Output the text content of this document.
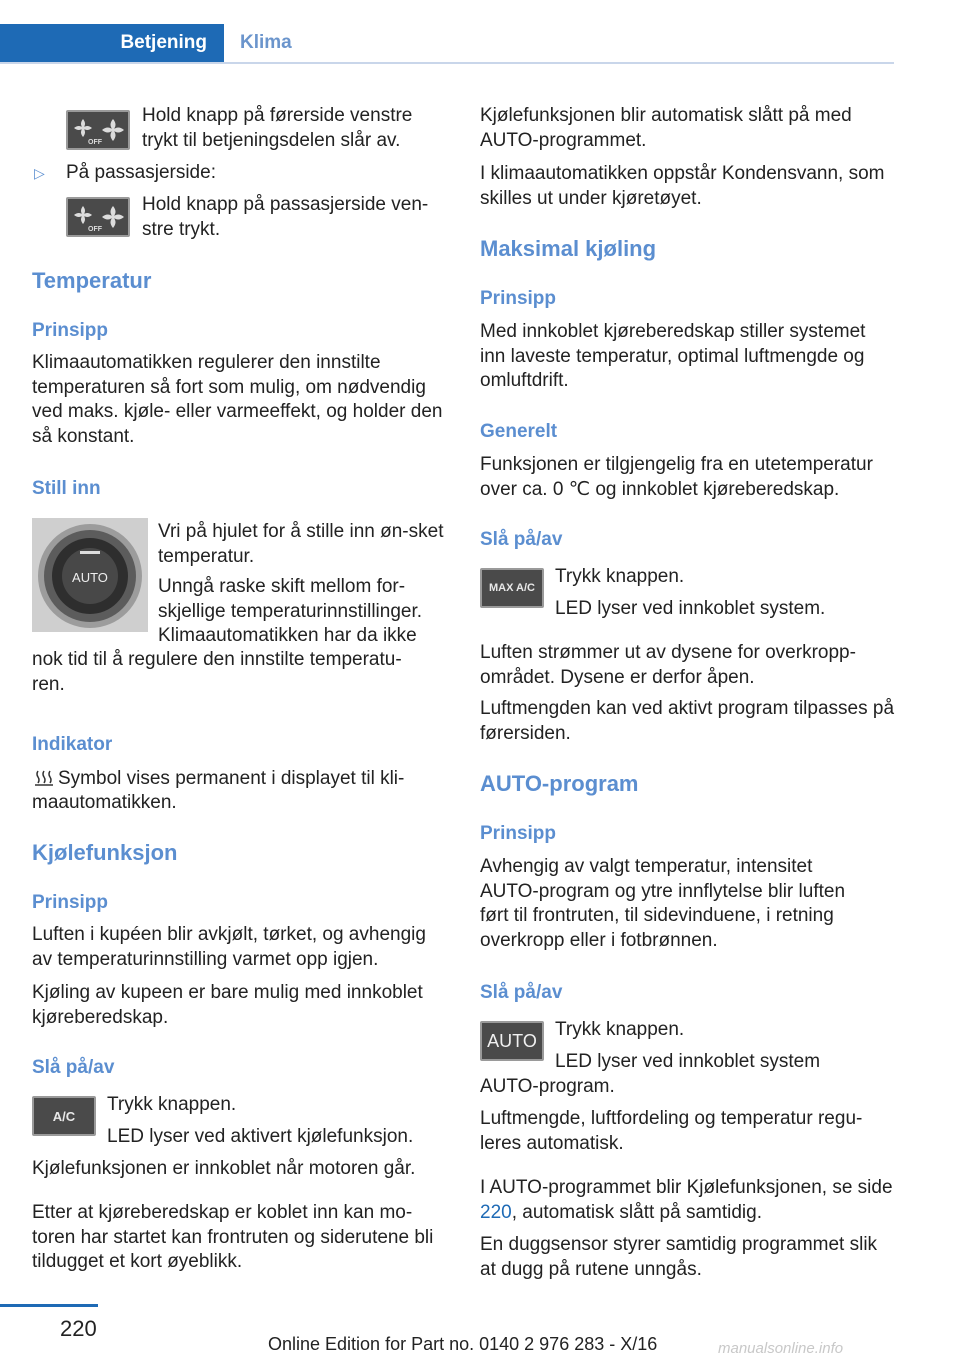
Betjening	Klima
OFF

Hold knapp på førerside venstre trykt til betjeningsdelen slår av.

▷ På passasjerside:

OFF

Hold knapp på passasjerside ven-stre trykt.

Temperatur
Prinsipp

Klimaautomatikken regulerer den innstilte temperaturen så fort som mulig, om nødvendig ved maks. kjøle- eller varmeeffekt, og holder den så konstant.

Still inn
AUTO

Vri på hjulet for å stille inn øn-sket temperatur.

Unngå raske skift mellom for-
skjellige temperaturinnstillinger.
Klimaautomatikken har da ikke

nok tid til å regulere den innstilte temperatu-
ren.

Indikator

Symbol vises permanent i displayet til kli-

maautomatikken.

Kjølefunksjon
Prinsipp

Luften i kupéen blir avkjølt, tørket, og avhengig av temperaturinnstilling varmet opp igjen.

Kjøling av kupeen er bare mulig med innkoblet kjøreberedskap.

Slå på/av
A/C

Trykk knappen.

LED lyser ved aktivert kjølefunksjon.

Kjølefunksjonen er innkoblet når motoren går.

Etter at kjøreberedskap er koblet inn kan mo-toren har startet kan frontruten og siderutene bli tildugget et kort øyeblikk.

Kjølefunksjonen blir automatisk slått på med AUTO-programmet.

I klimaautomatikken oppstår Kondensvann, som skilles ut under kjøretøyet.

Maksimal kjøling
Prinsipp

Med innkoblet kjøreberedskap stiller systemet inn laveste temperatur, optimal luftmengde og omluftdrift.

Generelt

Funksjonen er tilgjengelig fra en utetemperatur over ca. 0 ℃ og innkoblet kjøreberedskap.

Slå på/av
MAX A/C

Trykk knappen.

LED lyser ved innkoblet system.

Luften strømmer ut av dysene for overkropp-området. Dysene er derfor åpen.

Luftmengden kan ved aktivt program tilpasses på førersiden.

AUTO-program
Prinsipp

Avhengig av valgt temperatur, intensitet AUTO-program og ytre innflytelse blir luften ført til frontruten, til sidevinduene, i retning overkropp eller i fotbrønnen.

Slå på/av
AUTO

Trykk knappen.

LED lyser ved innkoblet system

AUTO-program.

Luftmengde, luftfordeling og temperatur regu-leres automatisk.

I AUTO-programmet blir Kjølefunksjonen, se side 220, automatisk slått på samtidig.

En duggsensor styrer samtidig programmet slik at dugg på rutene unngås.

220
Online Edition for Part no. 0140 2 976 283 - X/16	manualsonline.info
